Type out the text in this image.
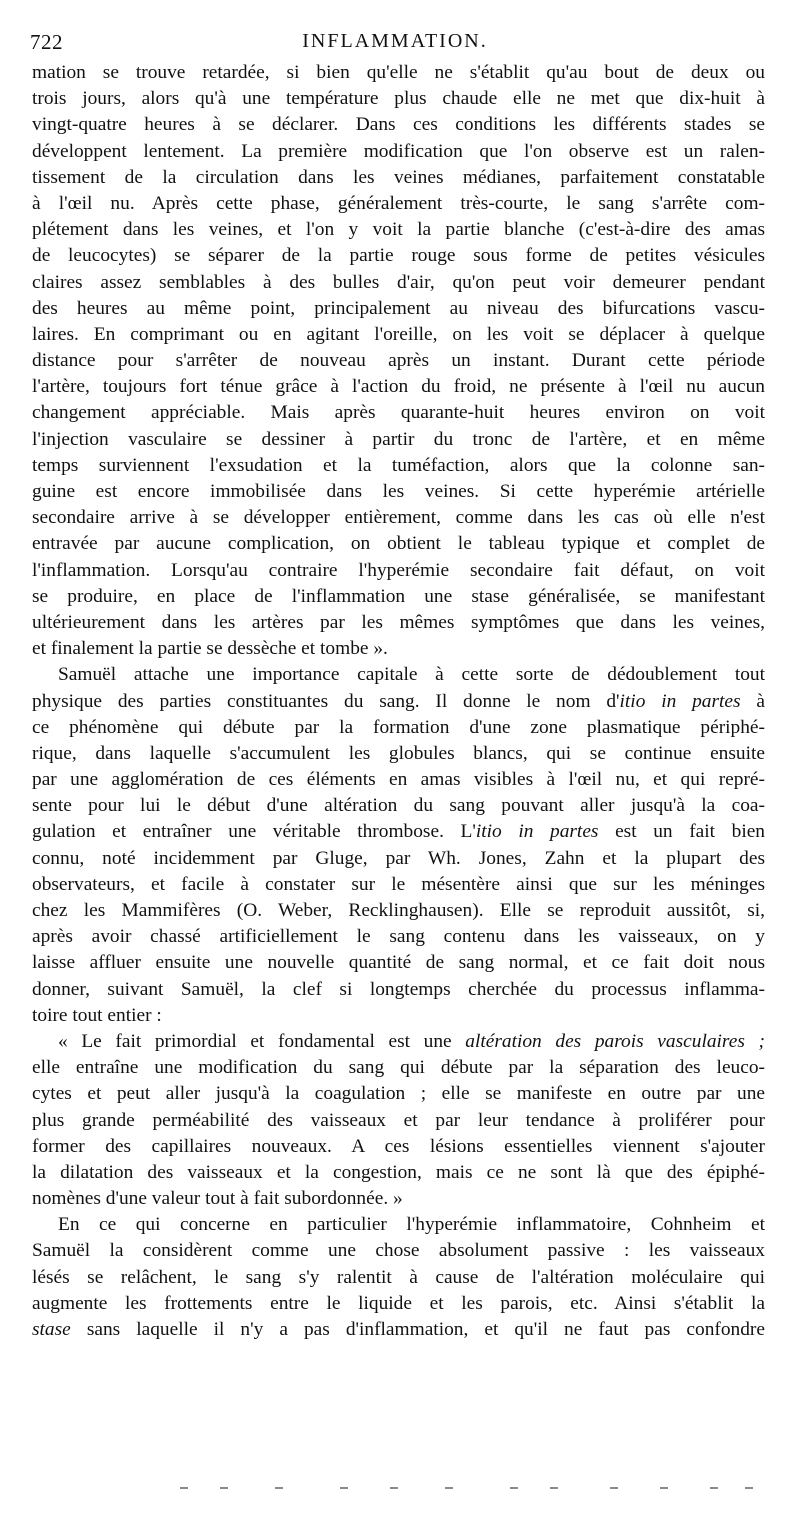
722	INFLAMMATION.
mation se trouve retardée, si bien qu'elle ne s'établit qu'au bout de deux ou
trois jours, alors qu'à une température plus chaude elle ne met que dix-huit à
vingt-quatre heures à se déclarer. Dans ces conditions les différents stades se
développent lentement. La première modification que l'on observe est un ralen-
tissement de la circulation dans les veines médianes, parfaitement constatable
à l'œil nu. Après cette phase, généralement très-courte, le sang s'arrête com-
plétement dans les veines, et l'on y voit la partie blanche (c'est-à-dire des amas
de leucocytes) se séparer de la partie rouge sous forme de petites vésicules
claires assez semblables à des bulles d'air, qu'on peut voir demeurer pendant
des heures au même point, principalement au niveau des bifurcations vascu-
laires. En comprimant ou en agitant l'oreille, on les voit se déplacer à quelque
distance pour s'arrêter de nouveau après un instant. Durant cette période
l'artère, toujours fort ténue grâce à l'action du froid, ne présente à l'œil nu aucun
changement appréciable. Mais après quarante-huit heures environ on voit
l'injection vasculaire se dessiner à partir du tronc de l'artère, et en même
temps surviennent l'exsudation et la tuméfaction, alors que la colonne san-
guine est encore immobilisée dans les veines. Si cette hyperémie artérielle
secondaire arrive à se développer entièrement, comme dans les cas où elle n'est
entravée par aucune complication, on obtient le tableau typique et complet de
l'inflammation. Lorsqu'au contraire l'hyperémie secondaire fait défaut, on voit
se produire, en place de l'inflammation une stase généralisée, se manifestant
ultérieurement dans les artères par les mêmes symptômes que dans les veines,
et finalement la partie se dessèche et tombe ».
Samuël attache une importance capitale à cette sorte de dédoublement tout
physique des parties constituantes du sang. Il donne le nom d'itio in partes à
ce phénomène qui débute par la formation d'une zone plasmatique périphé-
rique, dans laquelle s'accumulent les globules blancs, qui se continue ensuite
par une agglomération de ces éléments en amas visibles à l'œil nu, et qui repré-
sente pour lui le début d'une altération du sang pouvant aller jusqu'à la coa-
gulation et entraîner une véritable thrombose. L'itio in partes est un fait bien
connu, noté incidemment par Gluge, par Wh. Jones, Zahn et la plupart des
observateurs, et facile à constater sur le mésentère ainsi que sur les méninges
chez les Mammifères (O. Weber, Recklinghausen). Elle se reproduit aussitôt, si,
après avoir chassé artificiellement le sang contenu dans les vaisseaux, on y
laisse affluer ensuite une nouvelle quantité de sang normal, et ce fait doit nous
donner, suivant Samuël, la clef si longtemps cherchée du processus inflamma-
toire tout entier :
« Le fait primordial et fondamental est une altération des parois vasculaires ;
elle entraîne une modification du sang qui débute par la séparation des leuco-
cytes et peut aller jusqu'à la coagulation ; elle se manifeste en outre par une
plus grande perméabilité des vaisseaux et par leur tendance à proliférer pour
former des capillaires nouveaux. A ces lésions essentielles viennent s'ajouter
la dilatation des vaisseaux et la congestion, mais ce ne sont là que des épiphé-
nomènes d'une valeur tout à fait subordonnée. »
En ce qui concerne en particulier l'hyperémie inflammatoire, Cohnheim et
Samuël la considèrent comme une chose absolument passive : les vaisseaux
lésés se relâchent, le sang s'y ralentit à cause de l'altération moléculaire qui
augmente les frottements entre le liquide et les parois, etc. Ainsi s'établit la
stase sans laquelle il n'y a pas d'inflammation, et qu'il ne faut pas confondre
